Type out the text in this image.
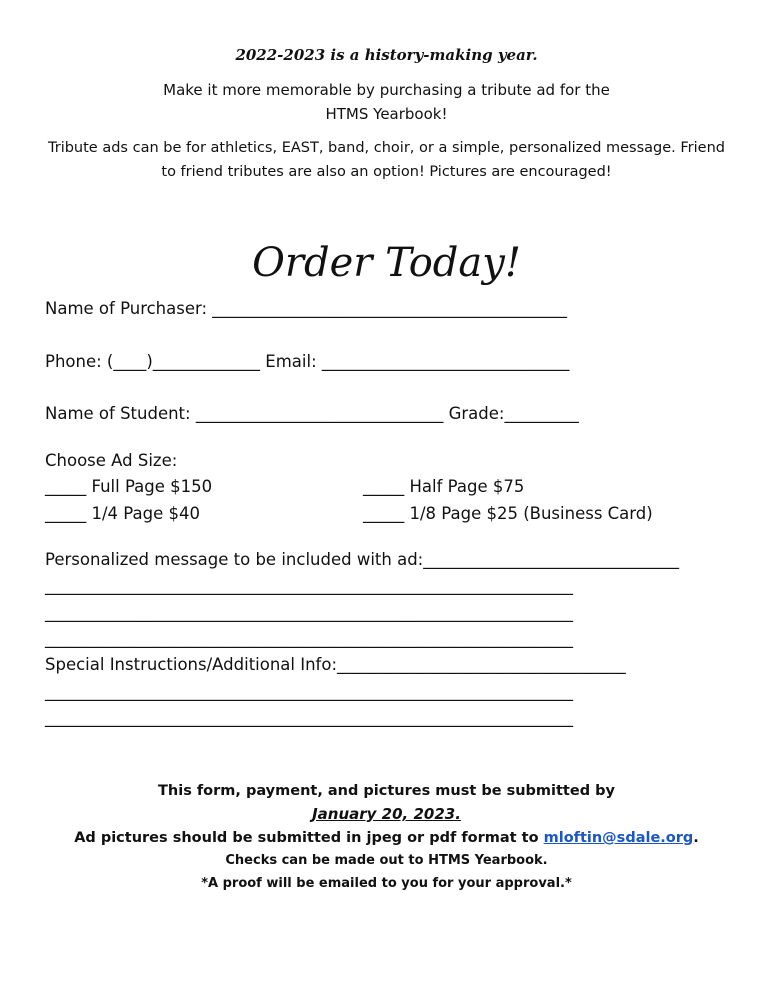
2022-2023 is a history-making year.
Make it more memorable by purchasing a tribute ad for the
HTMS Yearbook!
Tribute ads can be for athletics, EAST, band, choir, or a simple, personalized message. Friend
to friend tributes are also an option! Pictures are encouraged!
Order Today!
Name of Purchaser: ___________________________________________
Phone: (____)_____________ Email: ______________________________
Name of Student: ______________________________ Grade:_________
Choose Ad Size:
_____ Full Page $150	_____ Half Page $75
_____ 1/4 Page $40	_____ 1/8 Page $25 (Business Card)
Personalized message to be included with ad:_______________________________
________________________________________________________________
________________________________________________________________
________________________________________________________________
Special Instructions/Additional Info:___________________________________
________________________________________________________________
________________________________________________________________
This form, payment, and pictures must be submitted by
January 20, 2023.
Ad pictures should be submitted in jpeg or pdf format to mloftin@sdale.org.
Checks can be made out to HTMS Yearbook.
*A proof will be emailed to you for your approval.*
